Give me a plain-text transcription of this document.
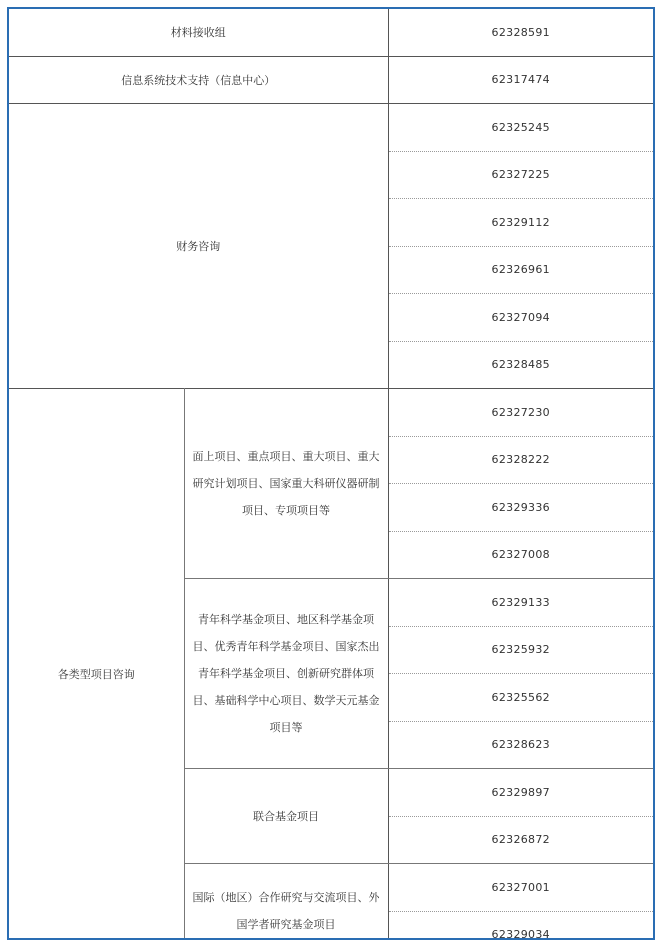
材料接收组		62328591
信息系统技术支持（信息中心）		62317474
财务咨询		62325245
		62327225
		62329112
		62326961
		62327094
		62328485
各类型项目咨询	面上项目、重点项目、重大项目、重大研究计划项目、国家重大科研仪器研制项目、专项项目等	62327230
		62328222
		62329336
		62327008

	青年科学基金项目、地区科学基金项目、优秀青年科学基金项目、国家杰出青年科学基金项目、创新研究群体项目、基础科学中心项目、数学天元基金项目等	62329133
		62325932
		62325562
		62328623

	联合基金项目	62329897
		62326872

	国际（地区）合作研究与交流项目、外国学者研究基金项目	62327001
		62329034
